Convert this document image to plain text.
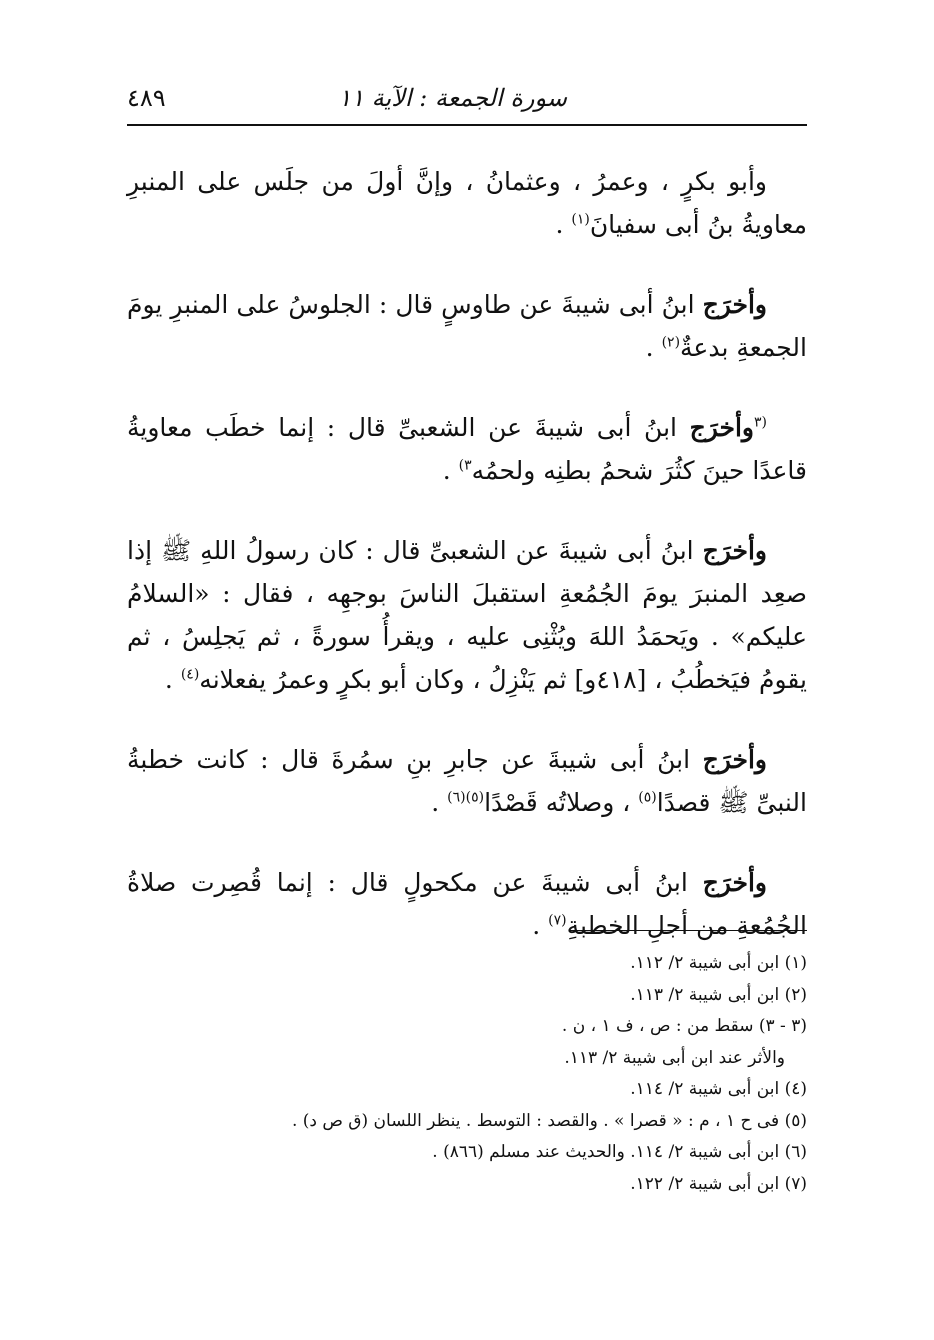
سورة الجمعة : الآية ١١
٤٨٩

وأبو بكرٍ ، وعمرُ ، وعثمانُ ، وإنَّ أولَ من جلَس على المنبرِ معاويةُ بنُ أبى سفيانَ$^{(١)}$ .

وأخرَج ابنُ أبى شيبةَ عن طاوسٍ قال : الجلوسُ على المنبرِ يومَ الجمعةِ بدعةٌ$^{(٢)}$ .

$^{(٣}$وأخرَج ابنُ أبى شيبةَ عن الشعبىِّ قال : إنما خطَب معاويةُ قاعدًا حينَ كثُرَ شحمُ بطنِه ولحمُه$^{٣)}$ .

وأخرَج ابنُ أبى شيبةَ عن الشعبىِّ قال : كان رسولُ اللهِ ﷺ إذا صعِد المنبرَ يومَ الجُمُعةِ استقبلَ الناسَ بوجهِه ، فقال : «السلامُ عليكم» . ويَحمَدُ اللهَ ويُثْنِى عليه ، ويقرأُ سورةً ، ثم يَجلِسُ ، ثم يقومُ فيَخطُبُ ، [٤١٨و] ثم يَنْزِلُ ، وكان أبو بكرٍ وعمرُ يفعلانه$^{(٤)}$ .

وأخرَج ابنُ أبى شيبةَ عن جابرِ بنِ سمُرةَ قال : كانت خطبةُ النبىِّ ﷺ قصدًا$^{(٥)}$ ، وصلاتُه قَصْدًا$^{(٥)(٦)}$ .

وأخرَج ابنُ أبى شيبةَ عن مكحولٍ قال : إنما قُصِرت صلاةُ الجُمُعةِ من أجلِ الخطبةِ$^{(٧)}$ .

(١) ابن أبى شيبة ٢/ ١١٢.

(٢) ابن أبى شيبة ٢/ ١١٣.

(٣ - ٣) سقط من : ص ، ف ١ ، ن .

والأثر عند ابن أبى شيبة ٢/ ١١٣.

(٤) ابن أبى شيبة ٢/ ١١٤.

(٥) فى ح ١ ، م : « قصرا » . والقصد : التوسط . ينظر اللسان (ق ص د) .

(٦) ابن أبى شيبة ٢/ ١١٤. والحديث عند مسلم (٨٦٦) .

(٧) ابن أبى شيبة ٢/ ١٢٢.
